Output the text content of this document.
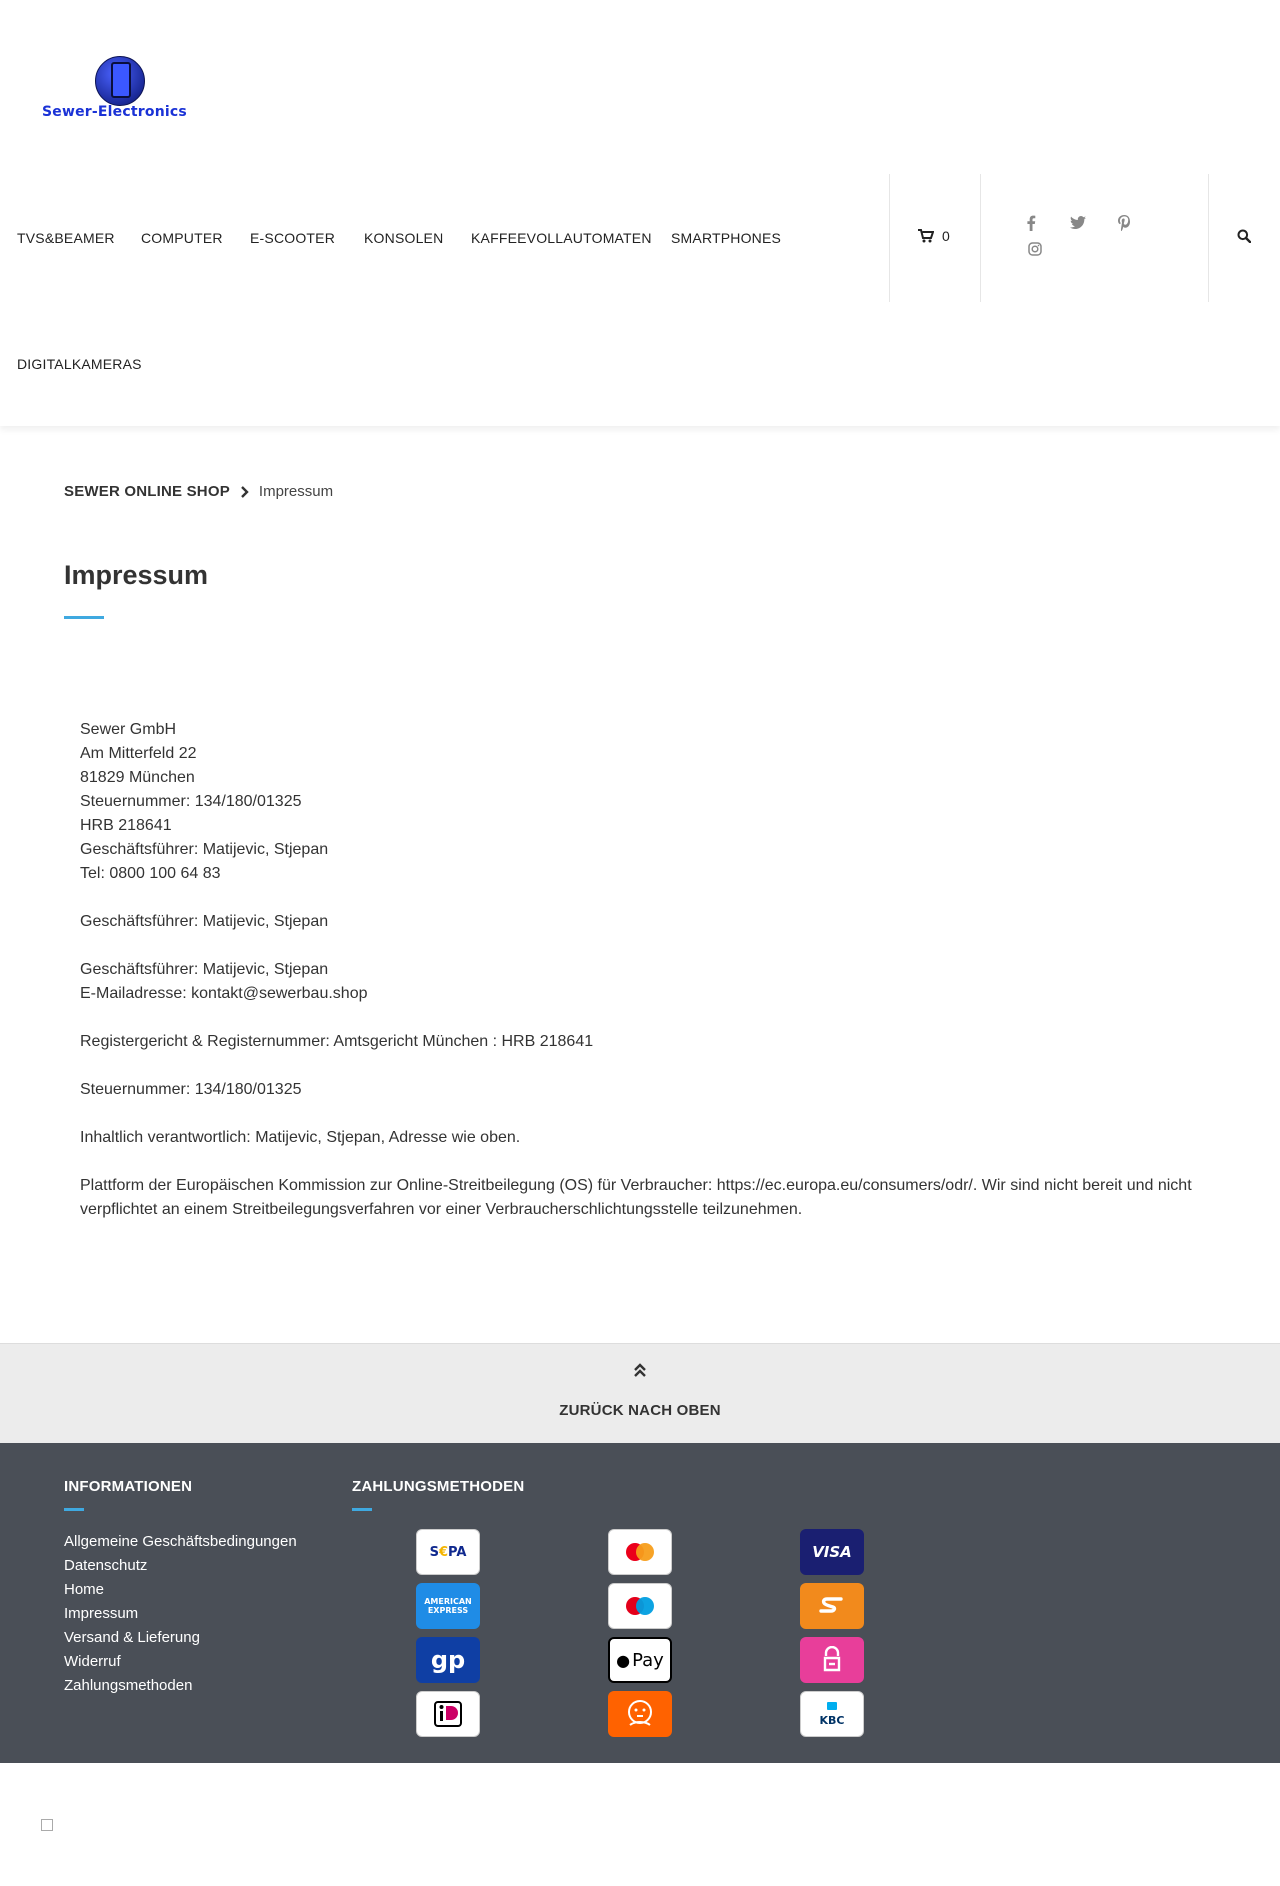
Sewer-Electronics
TVS&BEAMER COMPUTER E-SCOOTER KONSOLEN KAFFEEVOLLAUTOMATEN SMARTPHONES
DIGITALKAMERAS
0
SEWER ONLINE SHOP Impressum
Impressum

Sewer GmbH

Am Mitterfeld 22

81829 München

Steuernummer: 134/180/01325

HRB 218641

Geschäftsführer: Matijevic, Stjepan

Tel: 0800 100 64 83

Geschäftsführer: Matijevic, Stjepan

Geschäftsführer: Matijevic, Stjepan

E-Mailadresse: kontakt@sewerbau.shop

Registergericht & Registernummer: Amtsgericht München : HRB 218641

Steuernummer: 134/180/01325

Inhaltlich verantwortlich: Matijevic, Stjepan, Adresse wie oben.

Plattform der Europäischen Kommission zur Online-Streitbeilegung (OS) für Verbraucher: https://ec.europa.eu/consumers/odr/. Wir sind nicht bereit und nicht verpflichtet an einem Streitbeilegungsverfahren vor einer Verbraucherschlichtungsstelle teilzunehmen.

ZURÜCK NACH OBEN
INFORMATIONEN
Allgemeine Geschäftsbedingungen
Datenschutz
Home
Impressum
Versand & Lieferung
Widerruf
Zahlungsmethoden
ZAHLUNGSMETHODEN
S € PA	VISA
AMERICAN
EXPRESS
gp	● Pay
KBC
